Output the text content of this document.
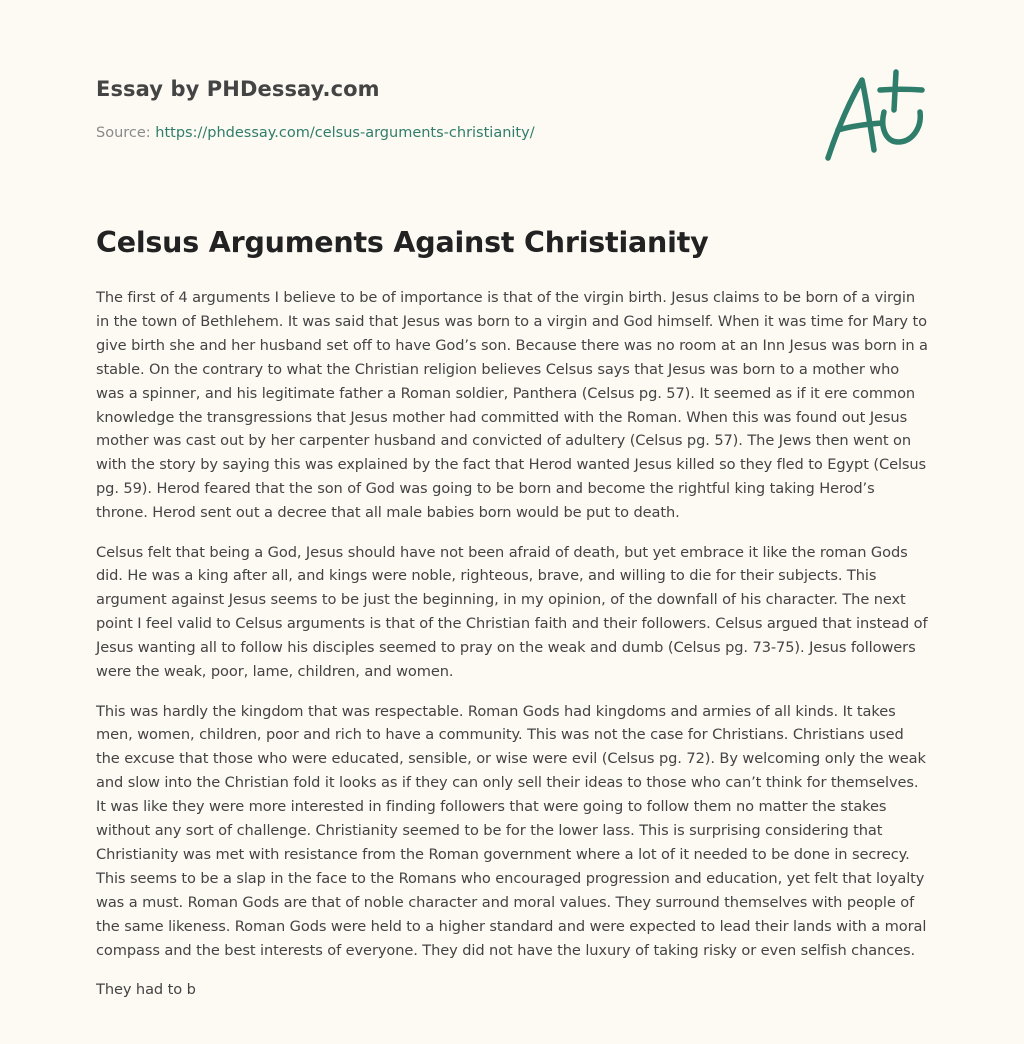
Essay by PHDessay.com
Source: https://phdessay.com/celsus-arguments-christianity/
Celsus Arguments Against Christianity

The first of 4 arguments I believe to be of importance is that of the virgin birth. Jesus claims to be born of a virgin in the town of Bethlehem. It was said that Jesus was born to a virgin and God himself. When it was time for Mary to give birth she and her husband set off to have God’s son. Because there was no room at an Inn Jesus was born in a stable. On the contrary to what the Christian religion believes Celsus says that Jesus was born to a mother who was a spinner, and his legitimate father a Roman soldier, Panthera (Celsus pg. 57). It seemed as if it ere common knowledge the transgressions that Jesus mother had committed with the Roman. When this was found out Jesus mother was cast out by her carpenter husband and convicted of adultery (Celsus pg. 57). The Jews then went on with the story by saying this was explained by the fact that Herod wanted Jesus killed so they fled to Egypt (Celsus pg. 59). Herod feared that the son of God was going to be born and become the rightful king taking Herod’s throne. Herod sent out a decree that all male babies born would be put to death.

Celsus felt that being a God, Jesus should have not been afraid of death, but yet embrace it like the roman Gods did. He was a king after all, and kings were noble, righteous, brave, and willing to die for their subjects. This argument against Jesus seems to be just the beginning, in my opinion, of the downfall of his character. The next point I feel valid to Celsus arguments is that of the Christian faith and their followers. Celsus argued that instead of Jesus wanting all to follow his disciples seemed to pray on the weak and dumb (Celsus pg. 73-75). Jesus followers were the weak, poor, lame, children, and women.

This was hardly the kingdom that was respectable. Roman Gods had kingdoms and armies of all kinds. It takes men, women, children, poor and rich to have a community. This was not the case for Christians. Christians used the excuse that those who were educated, sensible, or wise were evil (Celsus pg. 72). By welcoming only the weak and slow into the Christian fold it looks as if they can only sell their ideas to those who can’t think for themselves. It was like they were more interested in finding followers that were going to follow them no matter the stakes without any sort of challenge. Christianity seemed to be for the lower lass. This is surprising considering that Christianity was met with resistance from the Roman government where a lot of it needed to be done in secrecy. This seems to be a slap in the face to the Romans who encouraged progression and education, yet felt that loyalty was a must. Roman Gods are that of noble character and moral values. They surround themselves with people of the same likeness. Roman Gods were held to a higher standard and were expected to lead their lands with a moral compass and the best interests of everyone. They did not have the luxury of taking risky or even selfish chances.

They had to b
